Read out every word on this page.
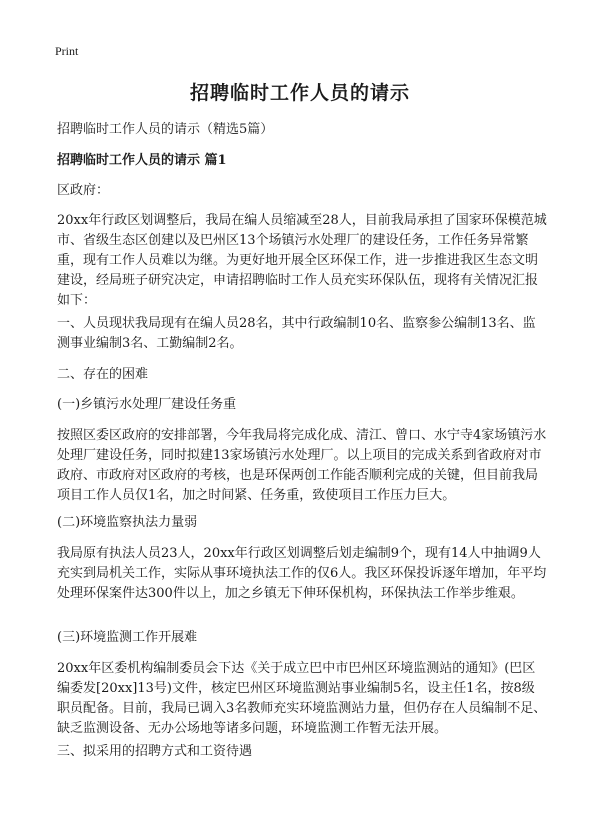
Print
招聘临时工作人员的请示

招聘临时工作人员的请示（精选5篇）

招聘临时工作人员的请示 篇1

区政府：

20xx年行政区划调整后，我局在编人员缩减至28人，目前我局承担了国家环保模范城市、省级生态区创建以及巴州区13个场镇污水处理厂的建设任务，工作任务异常繁重，现有工作人员难以为继。为更好地开展全区环保工作，进一步推进我区生态文明建设，经局班子研究决定，申请招聘临时工作人员充实环保队伍，现将有关情况汇报如下：

一、人员现状我局现有在编人员28名，其中行政编制10名、监察参公编制13名、监测事业编制3名、工勤编制2名。

二、存在的困难

(一)乡镇污水处理厂建设任务重

按照区委区政府的安排部署，今年我局将完成化成、清江、曾口、水宁寺4家场镇污水处理厂建设任务，同时拟建13家场镇污水处理厂。以上项目的完成关系到省政府对市政府、市政府对区政府的考核，也是环保两创工作能否顺利完成的关键，但目前我局项目工作人员仅1名，加之时间紧、任务重，致使项目工作压力巨大。

(二)环境监察执法力量弱

我局原有执法人员23人，20xx年行政区划调整后划走编制9个，现有14人中抽调9人充实到局机关工作，实际从事环境执法工作的仅6人。我区环保投诉逐年增加，年平均处理环保案件达300件以上，加之乡镇无下伸环保机构，环保执法工作举步维艰。

(三)环境监测工作开展难

20xx年区委机构编制委员会下达《关于成立巴中市巴州区环境监测站的通知》(巴区编委发[20xx]13号)文件，核定巴州区环境监测站事业编制5名，设主任1名，按8级职员配备。目前，我局已调入3名教师充实环境监测站力量，但仍存在人员编制不足、缺乏监测设备、无办公场地等诸多问题，环境监测工作暂无法开展。

三、拟采用的招聘方式和工资待遇
